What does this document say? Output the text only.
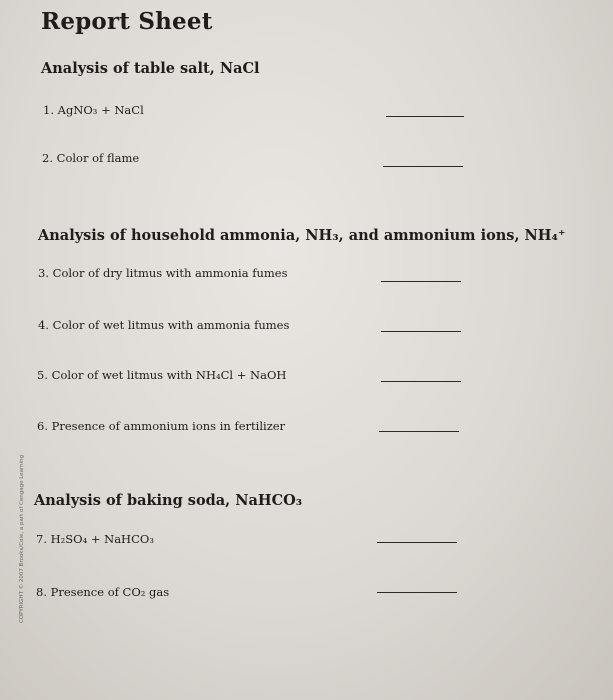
Report Sheet
Analysis of table salt, NaCl
1. AgNO₃ + NaCl
2. Color of flame
Analysis of household ammonia, NH₃, and ammonium ions, NH₄⁺
3. Color of dry litmus with ammonia fumes
4. Color of wet litmus with ammonia fumes
5. Color of wet litmus with NH₄Cl + NaOH
6. Presence of ammonium ions in fertilizer
Analysis of baking soda, NaHCO₃
7. H₂SO₄ + NaHCO₃
8. Presence of CO₂ gas
COPYRIGHT © 2007 Brooks/Cole, a part of Cengage Learning
